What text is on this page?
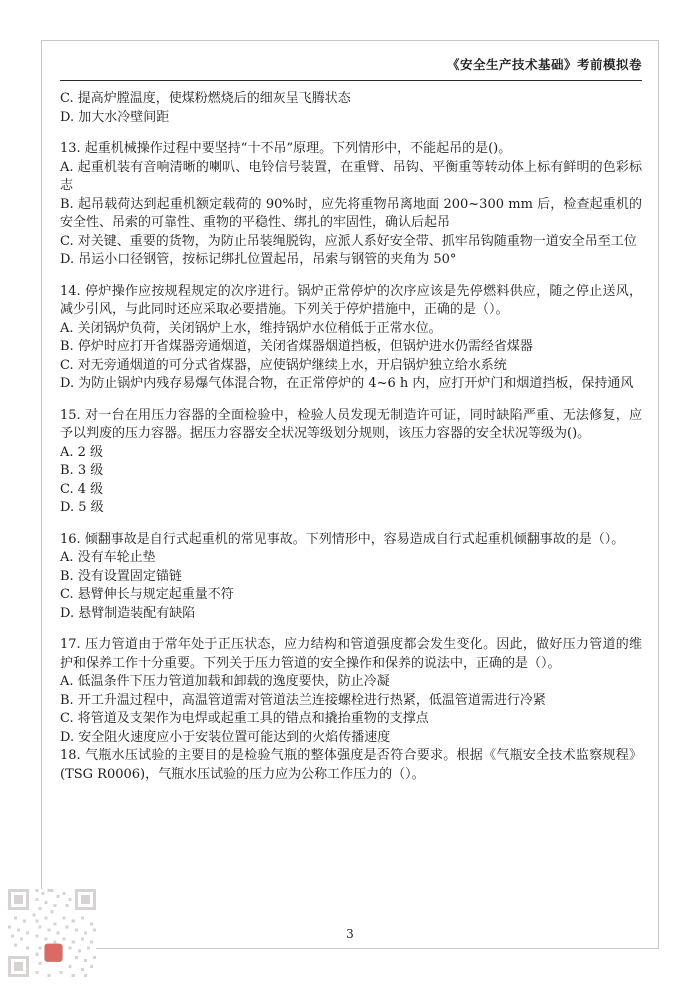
《安全生产技术基础》考前模拟卷

C. 提高炉膛温度，使煤粉燃烧后的细灰呈飞腾状态

D. 加大水冷壁间距

13. 起重机械操作过程中要坚持“十不吊”原理。下列情形中，不能起吊的是()。

A. 起重机装有音响清晰的喇叭、电铃信号装置，在重臂、吊钩、平衡重等转动体上标有鲜明的色彩标志

B. 起吊载荷达到起重机额定载荷的 90%时，应先将重物吊离地面 200~300 mm 后，检查起重机的安全性、吊索的可靠性、重物的平稳性、绑扎的牢固性，确认后起吊

C. 对关键、重要的货物，为防止吊装绳脱钩，应派人系好安全带、抓牢吊钩随重物一道安全吊至工位

D. 吊运小口径钢管，按标记绑扎位置起吊，吊索与钢管的夹角为 50°

14. 停炉操作应按规程规定的次序进行。锅炉正常停炉的次序应该是先停燃料供应，随之停止送风，减少引风，与此同时还应采取必要措施。下列关于停炉措施中，正确的是（）。

A. 关闭锅炉负荷，关闭锅炉上水，维持锅炉水位稍低于正常水位。

B. 停炉时应打开省煤器旁通烟道，关闭省煤器烟道挡板，但锅炉进水仍需经省煤器

C. 对无旁通烟道的可分式省煤器，应使锅炉继续上水，开启锅炉独立给水系统

D. 为防止锅炉内残存易爆气体混合物，在正常停炉的 4~6 h 内，应打开炉门和烟道挡板，保持通风

15. 对一台在用压力容器的全面检验中，检验人员发现无制造许可证，同时缺陷严重、无法修复，应予以判废的压力容器。据压力容器安全状况等级划分规则，该压力容器的安全状况等级为()。

A. 2 级

B. 3 级

C. 4 级

D. 5 级

16. 倾翻事故是自行式起重机的常见事故。下列情形中，容易造成自行式起重机倾翻事故的是（）。

A. 没有车轮止垫

B. 没有设置固定锚链

C. 悬臂伸长与规定起重量不符

D. 悬臂制造装配有缺陷

17. 压力管道由于常年处于正压状态，应力结构和管道强度都会发生变化。因此，做好压力管道的维护和保养工作十分重要。下列关于压力管道的安全操作和保养的说法中，正确的是（）。

A. 低温条件下压力管道加载和卸载的逸度要快，防止冷凝

B. 开工升温过程中，高温管道需对管道法兰连接螺栓进行热紧，低温管道需进行冷紧

C. 将管道及支架作为电焊或起重工具的错点和撬抬重物的支撑点

D. 安全阻火速度应小于安装位置可能达到的火焰传播速度

18. 气瓶水压试验的主要目的是检验气瓶的整体强度是否符合要求。根据《气瓶安全技术监察规程》(TSG R0006)，气瓶水压试验的压力应为公称工作压力的（）。

3
